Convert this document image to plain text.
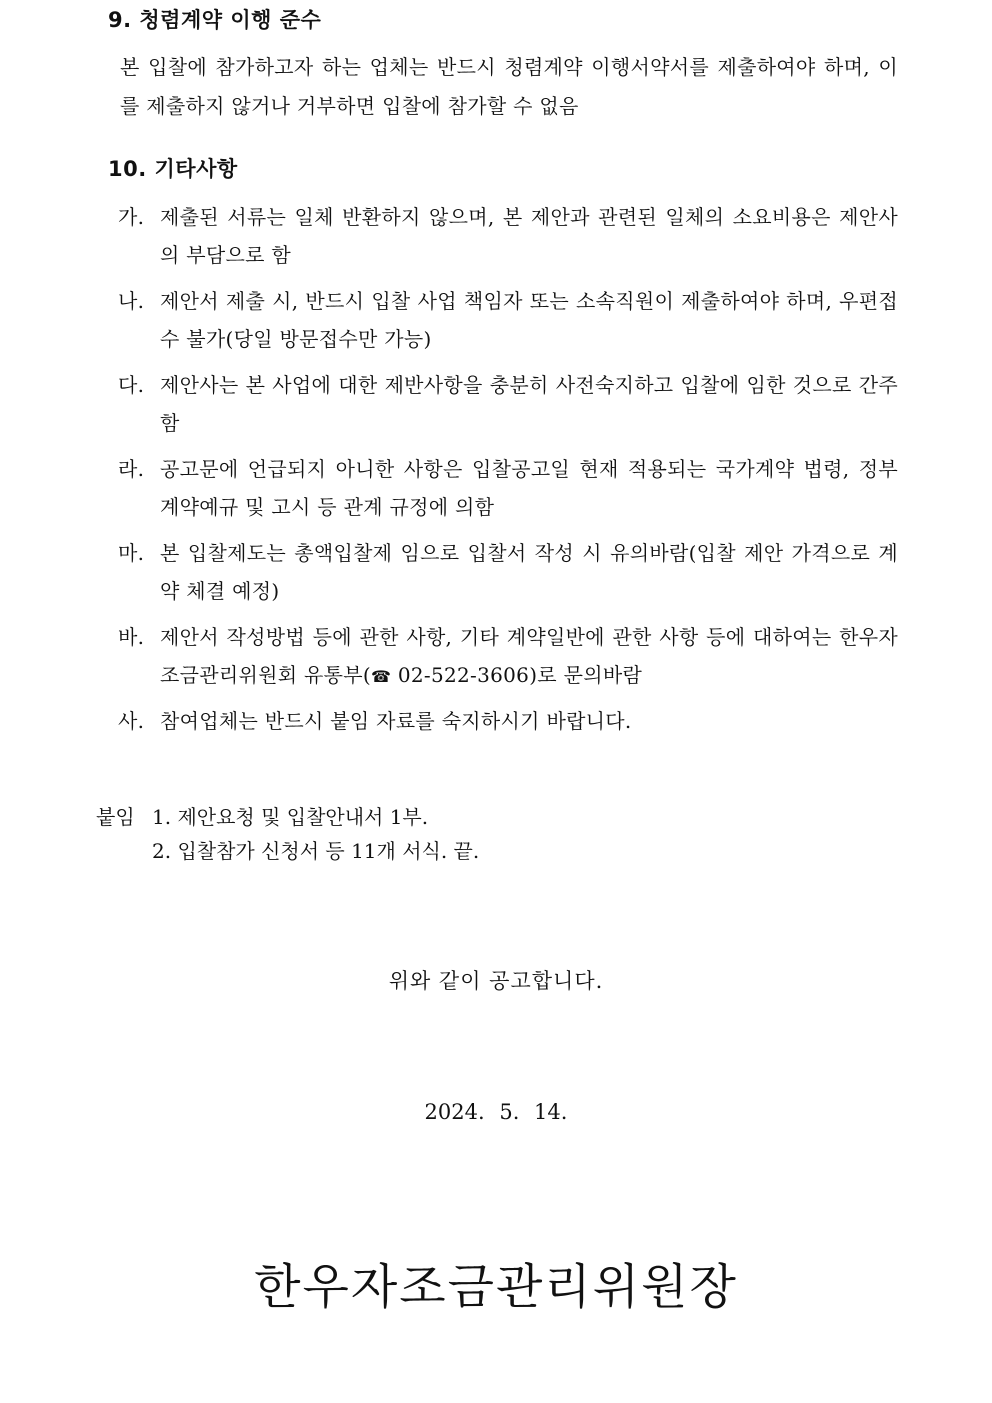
9. 청렴계약 이행 준수
본 입찰에 참가하고자 하는 업체는 반드시 청렴계약 이행서약서를 제출하여야 하며, 이를 제출하지 않거나 거부하면 입찰에 참가할 수 없음
10. 기타사항
가. 제출된 서류는 일체 반환하지 않으며, 본 제안과 관련된 일체의 소요비용은 제안사의 부담으로 함
나. 제안서 제출 시, 반드시 입찰 사업 책임자 또는 소속직원이 제출하여야 하며, 우편접수 불가(당일 방문접수만 가능)
다. 제안사는 본 사업에 대한 제반사항을 충분히 사전숙지하고 입찰에 임한 것으로 간주함
라. 공고문에 언급되지 아니한 사항은 입찰공고일 현재 적용되는 국가계약 법령, 정부 계약예규 및 고시 등 관계 규정에 의함
마. 본 입찰제도는 총액입찰제 임으로 입찰서 작성 시 유의바람(입찰 제안 가격으로 계약 체결 예정)
바. 제안서 작성방법 등에 관한 사항, 기타 계약일반에 관한 사항 등에 대하여는 한우자조금관리위원회 유통부(☎ 02-522-3606)로 문의바람
사. 참여업체는 반드시 붙임 자료를 숙지하시기 바랍니다.
붙임 1. 제안요청 및 입찰안내서 1부.
2. 입찰참가 신청서 등 11개 서식. 끝.
위와 같이 공고합니다.
2024. 5. 14.
한우자조금관리위원장
